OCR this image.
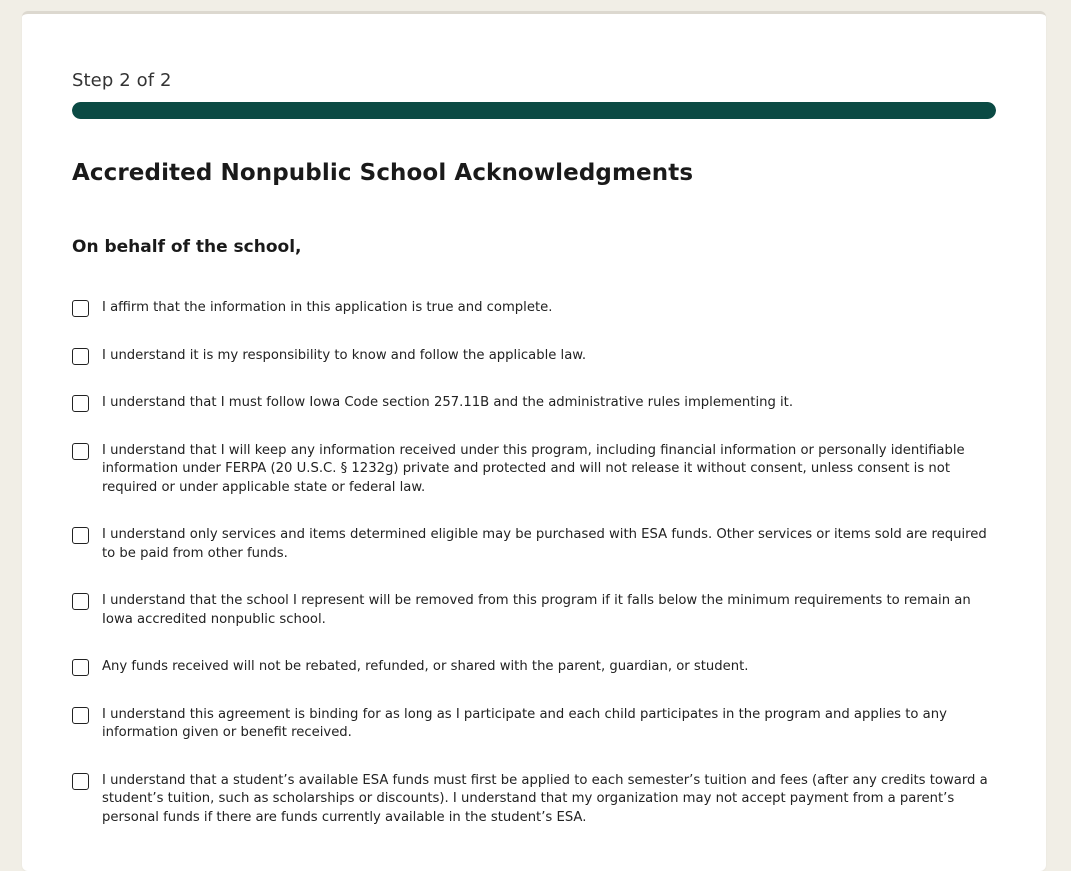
Step 2 of 2
Accredited Nonpublic School Acknowledgments
On behalf of the school,
I affirm that the information in this application is true and complete.
I understand it is my responsibility to know and follow the applicable law.
I understand that I must follow Iowa Code section 257.11B and the administrative rules implementing it.
I understand that I will keep any information received under this program, including financial information or personally identifiable information under FERPA (20 U.S.C. § 1232g) private and protected and will not release it without consent, unless consent is not required or under applicable state or federal law.
I understand only services and items determined eligible may be purchased with ESA funds. Other services or items sold are required to be paid from other funds.
I understand that the school I represent will be removed from this program if it falls below the minimum requirements to remain an Iowa accredited nonpublic school.
Any funds received will not be rebated, refunded, or shared with the parent, guardian, or student.
I understand this agreement is binding for as long as I participate and each child participates in the program and applies to any information given or benefit received.
I understand that a student’s available ESA funds must first be applied to each semester’s tuition and fees (after any credits toward a student’s tuition, such as scholarships or discounts). I understand that my organization may not accept payment from a parent’s personal funds if there are funds currently available in the student’s ESA.
